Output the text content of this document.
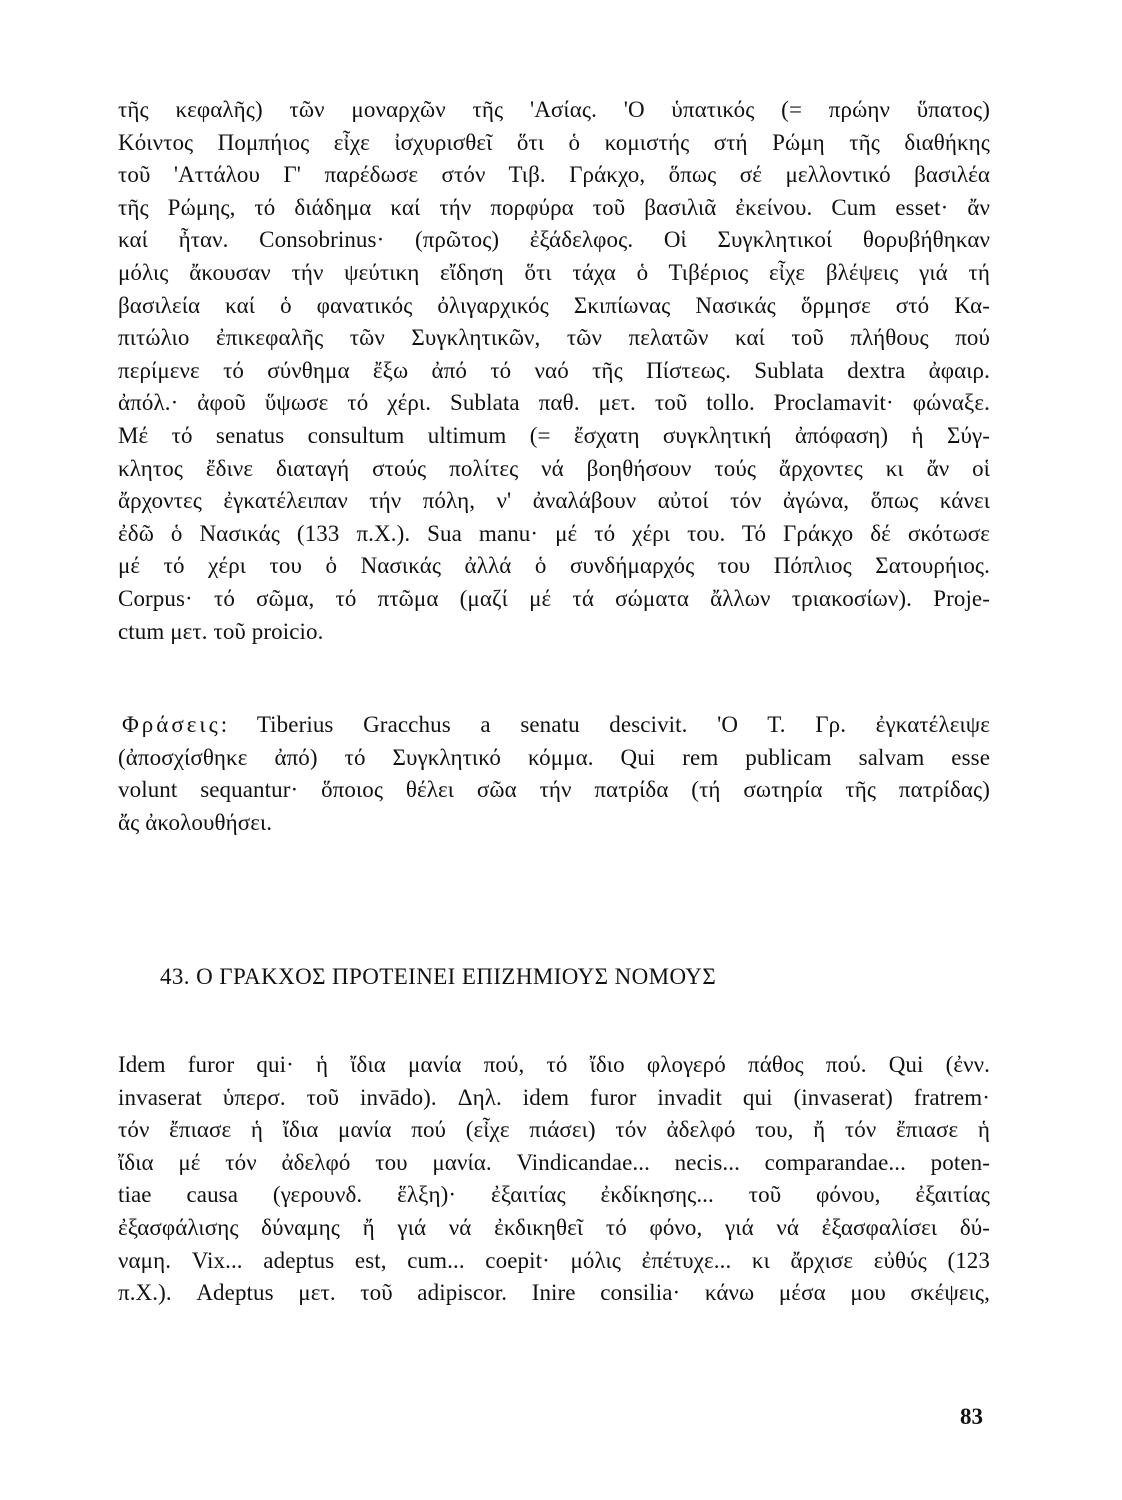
τῆς κεφαλῆς) τῶν μοναρχῶν τῆς 'Ασίας. 'Ο ὑπατικός (= πρώην ὕπατος)
Κόιντος Πομπήιος εἶχε ἰσχυρισθεῖ ὅτι ὁ κομιστής στή Ρώμη τῆς διαθήκης
τοῦ 'Αττάλου Γ' παρέδωσε στόν Τιβ. Γράκχο, ὅπως σέ μελλοντικό βασιλέα
τῆς Ρώμης, τό διάδημα καί τήν πορφύρα τοῦ βασιλιᾶ ἐκείνου. Cum esset· ἄν
καί ἦταν. Consobrinus· (πρῶτος) ἐξάδελφος. Οἱ Συγκλητικοί θορυβήθηκαν
μόλις ἄκουσαν τήν ψεύτικη εἴδηση ὅτι τάχα ὁ Τιβέριος εἶχε βλέψεις γιά τή
βασιλεία καί ὁ φανατικός ὀλιγαρχικός Σκιπίωνας Νασικάς ὅρμησε στό Κα-
πιτώλιο ἐπικεφαλῆς τῶν Συγκλητικῶν, τῶν πελατῶν καί τοῦ πλήθους πού
περίμενε τό σύνθημα ἔξω ἀπό τό ναό τῆς Πίστεως. Sublata dextra ἀφαιρ.
ἀπόλ.· ἀφοῦ ὕψωσε τό χέρι. Sublata παθ. μετ. τοῦ tollo. Proclamavit· φώναξε.
Μέ τό senatus consultum ultimum (= ἔσχατη συγκλητική ἀπόφαση) ἡ Σύγ-
κλητος ἔδινε διαταγή στούς πολίτες νά βοηθήσουν τούς ἄρχοντες κι ἄν οἱ
ἄρχοντες ἐγκατέλειπαν τήν πόλη, ν' ἀναλάβουν αὐτοί τόν ἀγώνα, ὅπως κάνει
ἐδῶ ὁ Νασικάς (133 π.Χ.). Sua manu· μέ τό χέρι του. Τό Γράκχο δέ σκότωσε
μέ τό χέρι του ὁ Νασικάς ἀλλά ὁ συνδήμαρχός του Πόπλιος Σατουρήιος.
Corpus· τό σῶμα, τό πτῶμα (μαζί μέ τά σώματα ἄλλων τριακοσίων). Proje-
ctum μετ. τοῦ proicio.
Φράσεις: Tiberius Gracchus a senatu descivit. 'Ο Τ. Γρ. ἐγκατέλειψε
(ἀποσχίσθηκε ἀπό) τό Συγκλητικό κόμμα. Qui rem publicam salvam esse
volunt sequantur· ὅποιος θέλει σῶα τήν πατρίδα (τή σωτηρία τῆς πατρίδας)
ἄς ἀκολουθήσει.
43. Ο ΓΡΑΚΧΟΣ ΠΡΟΤΕΙΝΕΙ ΕΠΙΖΗΜΙΟΥΣ ΝΟΜΟΥΣ
Idem furor qui· ἡ ἴδια μανία πού, τό ἴδιο φλογερό πάθος πού. Qui (ἐνν.
invaserat ὑπερσ. τοῦ invādo). Δηλ. idem furor invadit qui (invaserat) fratrem·
τόν ἔπιασε ἡ ἴδια μανία πού (εἶχε πιάσει) τόν ἀδελφό του, ἤ τόν ἔπιασε ἡ
ἴδια μέ τόν ἀδελφό του μανία. Vindicandae... necis... comparandae... poten-
tiae causa (γερουνδ. ἕλξη)· ἐξαιτίας ἐκδίκησης... τοῦ φόνου, ἐξαιτίας
ἐξασφάλισης δύναμης ἤ γιά νά ἐκδικηθεῖ τό φόνο, γιά νά ἐξασφαλίσει δύ-
ναμη. Vix... adeptus est, cum... coepit· μόλις ἐπέτυχε... κι ἄρχισε εὐθύς (123
π.Χ.). Adeptus μετ. τοῦ adipiscor. Inire consilia· κάνω μέσα μου σκέψεις,
83
